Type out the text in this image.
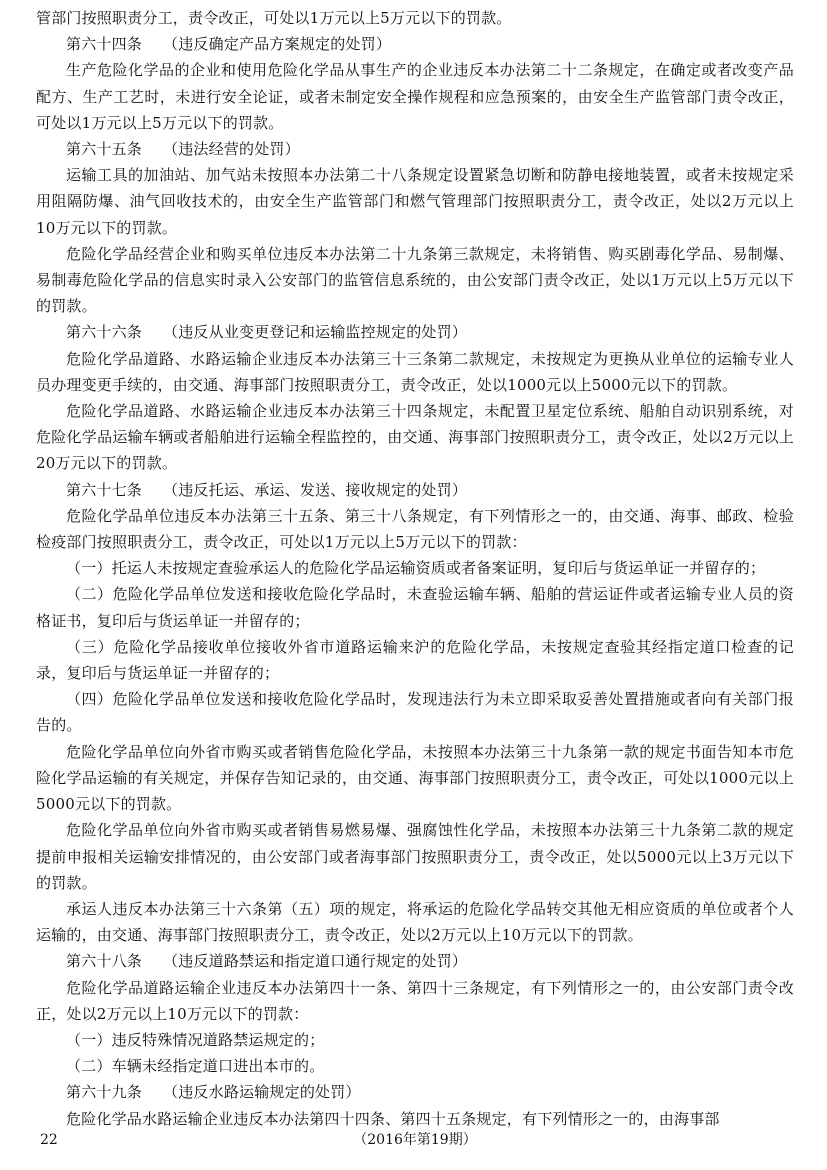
管部门按照职责分工，责令改正，可处以1万元以上5万元以下的罚款。

第六十四条 （违反确定产品方案规定的处罚）

生产危险化学品的企业和使用危险化学品从事生产的企业违反本办法第二十二条规定，在确定或者改变产品配方、生产工艺时，未进行安全论证，或者未制定安全操作规程和应急预案的，由安全生产监管部门责令改正，可处以1万元以上5万元以下的罚款。

第六十五条 （违法经营的处罚）

运输工具的加油站、加气站未按照本办法第二十八条规定设置紧急切断和防静电接地装置，或者未按规定采用阻隔防爆、油气回收技术的，由安全生产监管部门和燃气管理部门按照职责分工，责令改正，处以2万元以上10万元以下的罚款。

危险化学品经营企业和购买单位违反本办法第二十九条第三款规定，未将销售、购买剧毒化学品、易制爆、易制毒危险化学品的信息实时录入公安部门的监管信息系统的，由公安部门责令改正，处以1万元以上5万元以下的罚款。

第六十六条 （违反从业变更登记和运输监控规定的处罚）

危险化学品道路、水路运输企业违反本办法第三十三条第二款规定，未按规定为更换从业单位的运输专业人员办理变更手续的，由交通、海事部门按照职责分工，责令改正，处以1000元以上5000元以下的罚款。

危险化学品道路、水路运输企业违反本办法第三十四条规定，未配置卫星定位系统、船舶自动识别系统，对危险化学品运输车辆或者船舶进行运输全程监控的，由交通、海事部门按照职责分工，责令改正，处以2万元以上20万元以下的罚款。

第六十七条 （违反托运、承运、发送、接收规定的处罚）

危险化学品单位违反本办法第三十五条、第三十八条规定，有下列情形之一的，由交通、海事、邮政、检验检疫部门按照职责分工，责令改正，可处以1万元以上5万元以下的罚款：

（一）托运人未按规定查验承运人的危险化学品运输资质或者备案证明，复印后与货运单证一并留存的；

（二）危险化学品单位发送和接收危险化学品时，未查验运输车辆、船舶的营运证件或者运输专业人员的资格证书，复印后与货运单证一并留存的；

（三）危险化学品接收单位接收外省市道路运输来沪的危险化学品，未按规定查验其经指定道口检查的记录，复印后与货运单证一并留存的；

（四）危险化学品单位发送和接收危险化学品时，发现违法行为未立即采取妥善处置措施或者向有关部门报告的。

危险化学品单位向外省市购买或者销售危险化学品，未按照本办法第三十九条第一款的规定书面告知本市危险化学品运输的有关规定，并保存告知记录的，由交通、海事部门按照职责分工，责令改正，可处以1000元以上5000元以下的罚款。

危险化学品单位向外省市购买或者销售易燃易爆、强腐蚀性化学品，未按照本办法第三十九条第二款的规定提前申报相关运输安排情况的，由公安部门或者海事部门按照职责分工，责令改正，处以5000元以上3万元以下的罚款。

承运人违反本办法第三十六条第（五）项的规定，将承运的危险化学品转交其他无相应资质的单位或者个人运输的，由交通、海事部门按照职责分工，责令改正，处以2万元以上10万元以下的罚款。

第六十八条 （违反道路禁运和指定道口通行规定的处罚）

危险化学品道路运输企业违反本办法第四十一条、第四十三条规定，有下列情形之一的，由公安部门责令改正，处以2万元以上10万元以下的罚款：

（一）违反特殊情况道路禁运规定的；

（二）车辆未经指定道口进出本市的。

第六十九条 （违反水路运输规定的处罚）

危险化学品水路运输企业违反本办法第四十四条、第四十五条规定，有下列情形之一的，由海事部

22	（2016年第19期）
